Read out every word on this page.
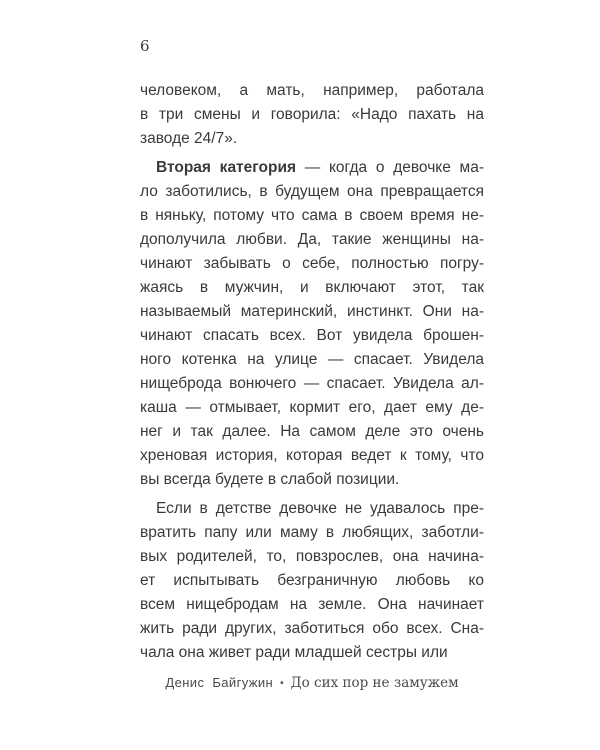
6
человеком, а мать, например, работала
в три смены и говорила: «Надо пахать на
заводе 24/7».
Вторая категория — когда о девочке ма-
ло заботились, в будущем она превращается
в няньку, потому что сама в своем время не-
дополучила любви. Да, такие женщины на-
чинают забывать о себе, полностью погру-
жаясь в мужчин, и включают этот, так
называемый материнский, инстинкт. Они на-
чинают спасать всех. Вот увидела брошен-
ного котенка на улице — спасает. Увидела
нищеброда вонючего — спасает. Увидела ал-
каша — отмывает, кормит его, дает ему де-
нег и так далее. На самом деле это очень
хреновая история, которая ведет к тому, что
вы всегда будете в слабой позиции.
Если в детстве девочке не удавалось пре-
вратить папу или маму в любящих, заботли-
вых родителей, то, повзрослев, она начина-
ет испытывать безграничную любовь ко
всем нищебродам на земле. Она начинает
жить ради других, заботиться обо всех. Сна-
чала она живет ради младшей сестры или
Денис Байгужин • До сих пор не замужем
